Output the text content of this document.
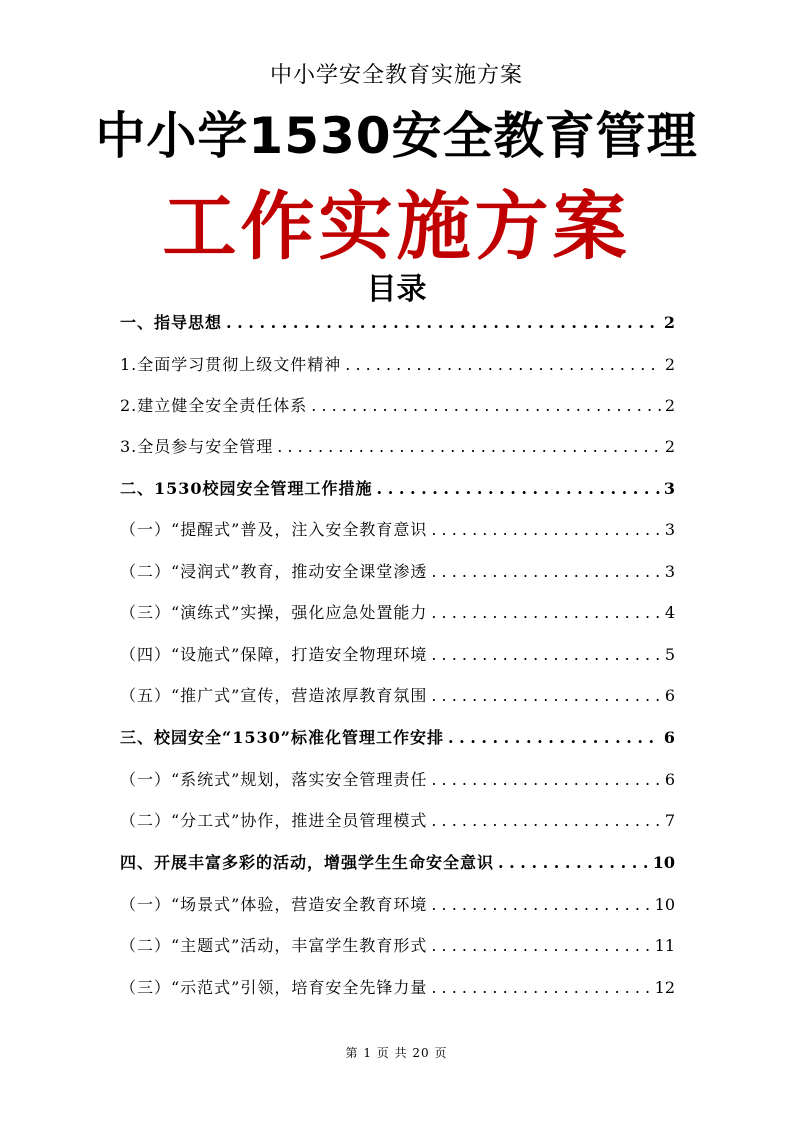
中小学安全教育实施方案
中小学1530安全教育管理
工作实施方案
目录
一、指导思想 . . .	2
1.全面学习贯彻上级文件精神 . . .	2
2.建立健全安全责任体系 . . .	2
3.全员参与安全管理 . . .	2
二、1530校园安全管理工作措施 . . .	3
（一）“提醒式”普及，注入安全教育意识 . . .	3
（二）“浸润式”教育，推动安全课堂渗透 . . .	3
（三）“演练式”实操，强化应急处置能力 . . .	4
（四）“设施式”保障，打造安全物理环境 . . .	5
（五）“推广式”宣传，营造浓厚教育氛围 . . .	6
三、校园安全“1530”标准化管理工作安排 . . .	6
（一）“系统式”规划，落实安全管理责任 . . .	6
（二）“分工式”协作，推进全员管理模式 . . .	7
四、开展丰富多彩的活动，增强学生生命安全意识 . . .	10
（一）“场景式”体验，营造安全教育环境 . . .	10
（二）“主题式”活动，丰富学生教育形式 . . .	11
（三）“示范式”引领，培育安全先锋力量 . . .	12
第 1 页 共 20 页
